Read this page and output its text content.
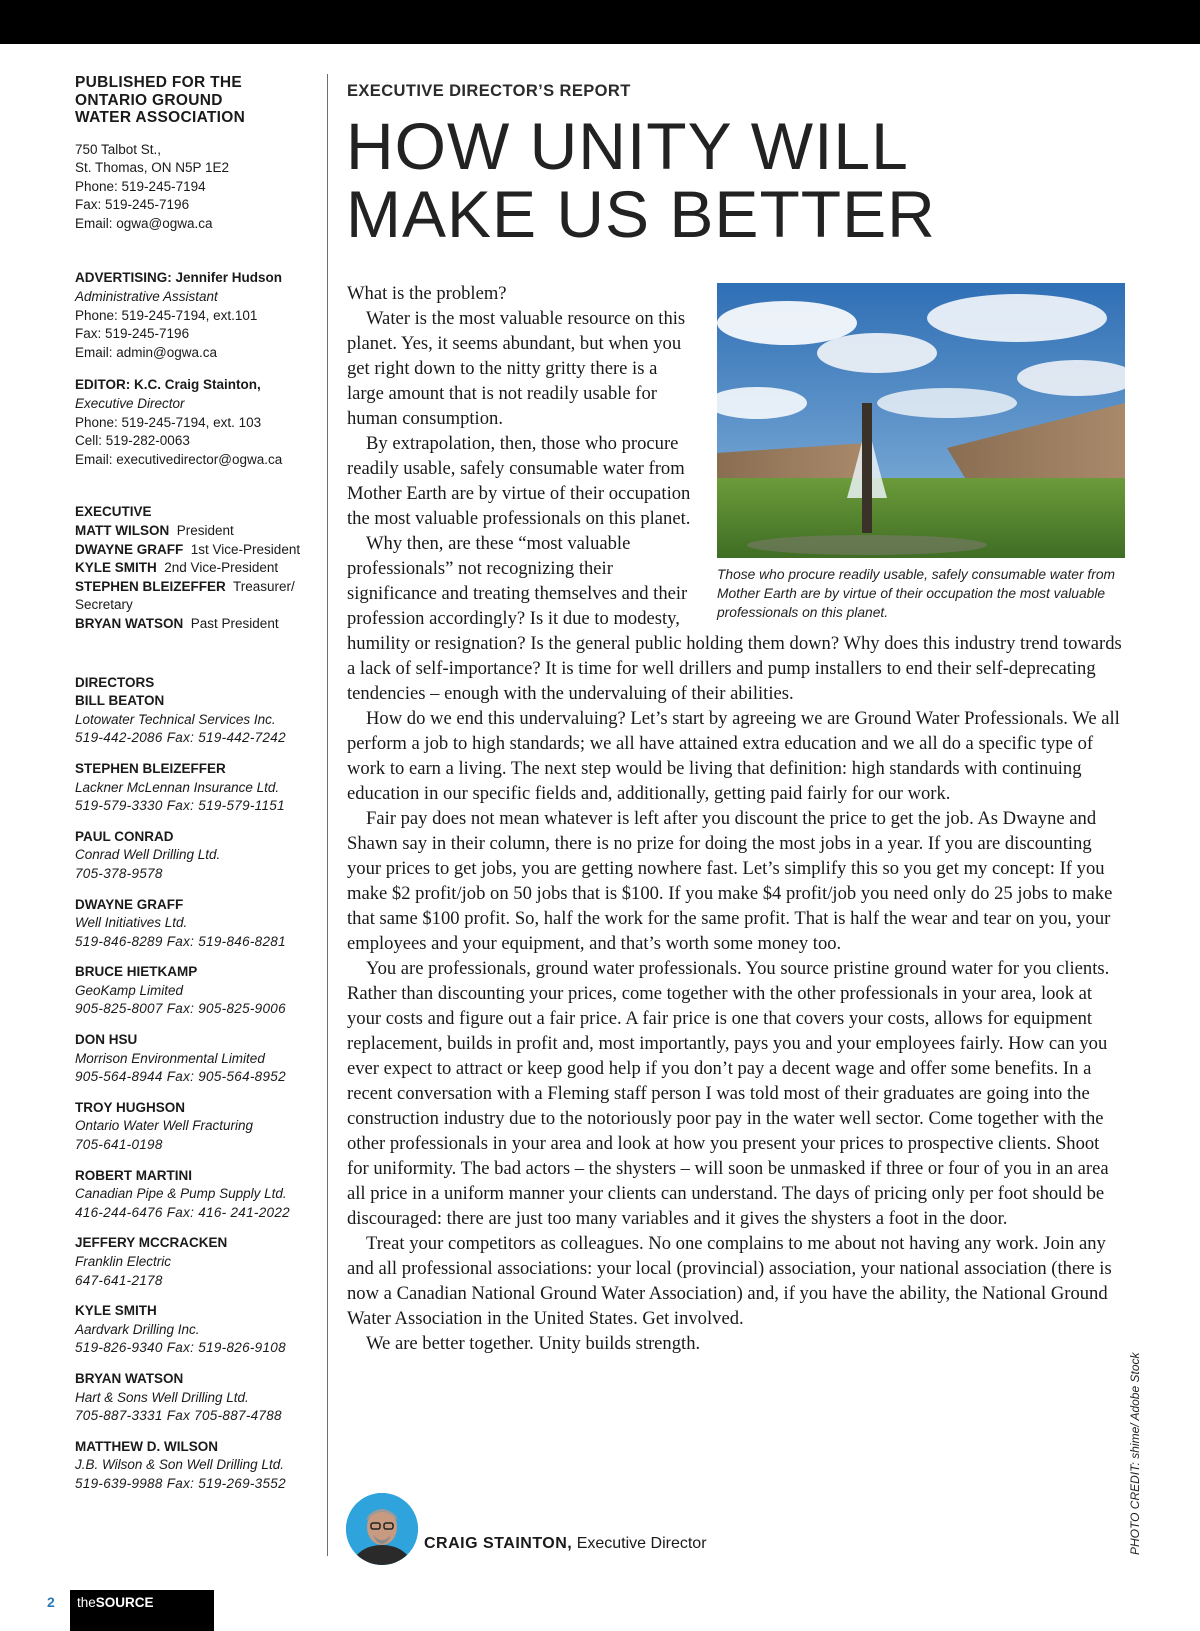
PUBLISHED FOR THE
ONTARIO GROUND
WATER ASSOCIATION
750 Talbot St.,
St. Thomas, ON N5P 1E2
Phone: 519-245-7194
Fax: 519-245-7196
Email: ogwa@ogwa.ca
ADVERTISING: Jennifer Hudson
Administrative Assistant
Phone: 519-245-7194, ext.101
Fax: 519-245-7196
Email: admin@ogwa.ca
EDITOR: K.C. Craig Stainton,
Executive Director
Phone: 519-245-7194, ext. 103
Cell: 519-282-0063
Email: executivedirector@ogwa.ca
EXECUTIVE
MATT WILSON President
DWAYNE GRAFF 1st Vice-President
KYLE SMITH 2nd Vice-President
STEPHEN BLEIZEFFER Treasurer/
Secretary
BRYAN WATSON Past President
DIRECTORS
BILL BEATON
Lotowater Technical Services Inc.
519-442-2086 Fax: 519-442-7242
STEPHEN BLEIZEFFER
Lackner McLennan Insurance Ltd.
519-579-3330 Fax: 519-579-1151
PAUL CONRAD
Conrad Well Drilling Ltd.
705-378-9578
DWAYNE GRAFF
Well Initiatives Ltd.
519-846-8289 Fax: 519-846-8281
BRUCE HIETKAMP
GeoKamp Limited
905-825-8007 Fax: 905-825-9006
DON HSU
Morrison Environmental Limited
905-564-8944 Fax: 905-564-8952
TROY HUGHSON
Ontario Water Well Fracturing
705-641-0198
ROBERT MARTINI
Canadian Pipe & Pump Supply Ltd.
416-244-6476 Fax: 416- 241-2022
JEFFERY MCCRACKEN
Franklin Electric
647-641-2178
KYLE SMITH
Aardvark Drilling Inc.
519-826-9340 Fax: 519-826-9108
BRYAN WATSON
Hart & Sons Well Drilling Ltd.
705-887-3331 Fax 705-887-4788
MATTHEW D. WILSON
J.B. Wilson & Son Well Drilling Ltd.
519-639-9988 Fax: 519-269-3552
EXECUTIVE DIRECTOR’S REPORT
HOW UNITY WILL
MAKE US BETTER
Those who procure readily usable, safely consumable water from Mother Earth are by virtue of their occupation the most valuable professionals on this planet.

What is the problem?

Water is the most valuable resource on this planet. Yes, it seems abundant, but when you get right down to the nitty gritty there is a large amount that is not readily usable for human consumption.

By extrapolation, then, those who procure readily usable, safely consumable water from Mother Earth are by virtue of their occupation the most valuable professionals on this planet.

Why then, are these “most valuable professionals” not recognizing their significance and treating themselves and their profession accordingly? Is it due to modesty, humility or resignation? Is the general public holding them down? Why does this industry trend towards a lack of self-importance? It is time for well drillers and pump installers to end their self-deprecating tendencies – enough with the undervaluing of their abilities.

How do we end this undervaluing? Let’s start by agreeing we are Ground Water Professionals. We all perform a job to high standards; we all have attained extra education and we all do a specific type of work to earn a living. The next step would be living that definition: high standards with continuing education in our specific fields and, additionally, getting paid fairly for our work.

Fair pay does not mean whatever is left after you discount the price to get the job. As Dwayne and Shawn say in their column, there is no prize for doing the most jobs in a year. If you are discounting your prices to get jobs, you are getting nowhere fast. Let’s simplify this so you get my concept: If you make $2 profit/job on 50 jobs that is $100. If you make $4 profit/job you need only do 25 jobs to make that same $100 profit. So, half the work for the same profit. That is half the wear and tear on you, your employees and your equipment, and that’s worth some money too.

You are professionals, ground water professionals. You source pristine ground water for you clients. Rather than discounting your prices, come together with the other professionals in your area, look at your costs and figure out a fair price. A fair price is one that covers your costs, allows for equipment replacement, builds in profit and, most importantly, pays you and your employees fairly. How can you ever expect to attract or keep good help if you don’t pay a decent wage and offer some benefits. In a recent conversation with a Fleming staff person I was told most of their graduates are going into the construction industry due to the notoriously poor pay in the water well sector. Come together with the other professionals in your area and look at how you present your prices to prospective clients. Shoot for uniformity. The bad actors – the shysters – will soon be unmasked if three or four of you in an area all price in a uniform manner your clients can understand. The days of pricing only per foot should be discouraged: there are just too many variables and it gives the shysters a foot in the door.

Treat your competitors as colleagues. No one complains to me about not having any work. Join any and all professional associations: your local (provincial) association, your national association (there is now a Canadian National Ground Water Association) and, if you have the ability, the National Ground Water Association in the United States. Get involved.

We are better together. Unity builds strength.

CRAIG STAINTON, Executive Director	PHOTO CREDIT: shime/ Adobe Stock
2 theSOURCE
